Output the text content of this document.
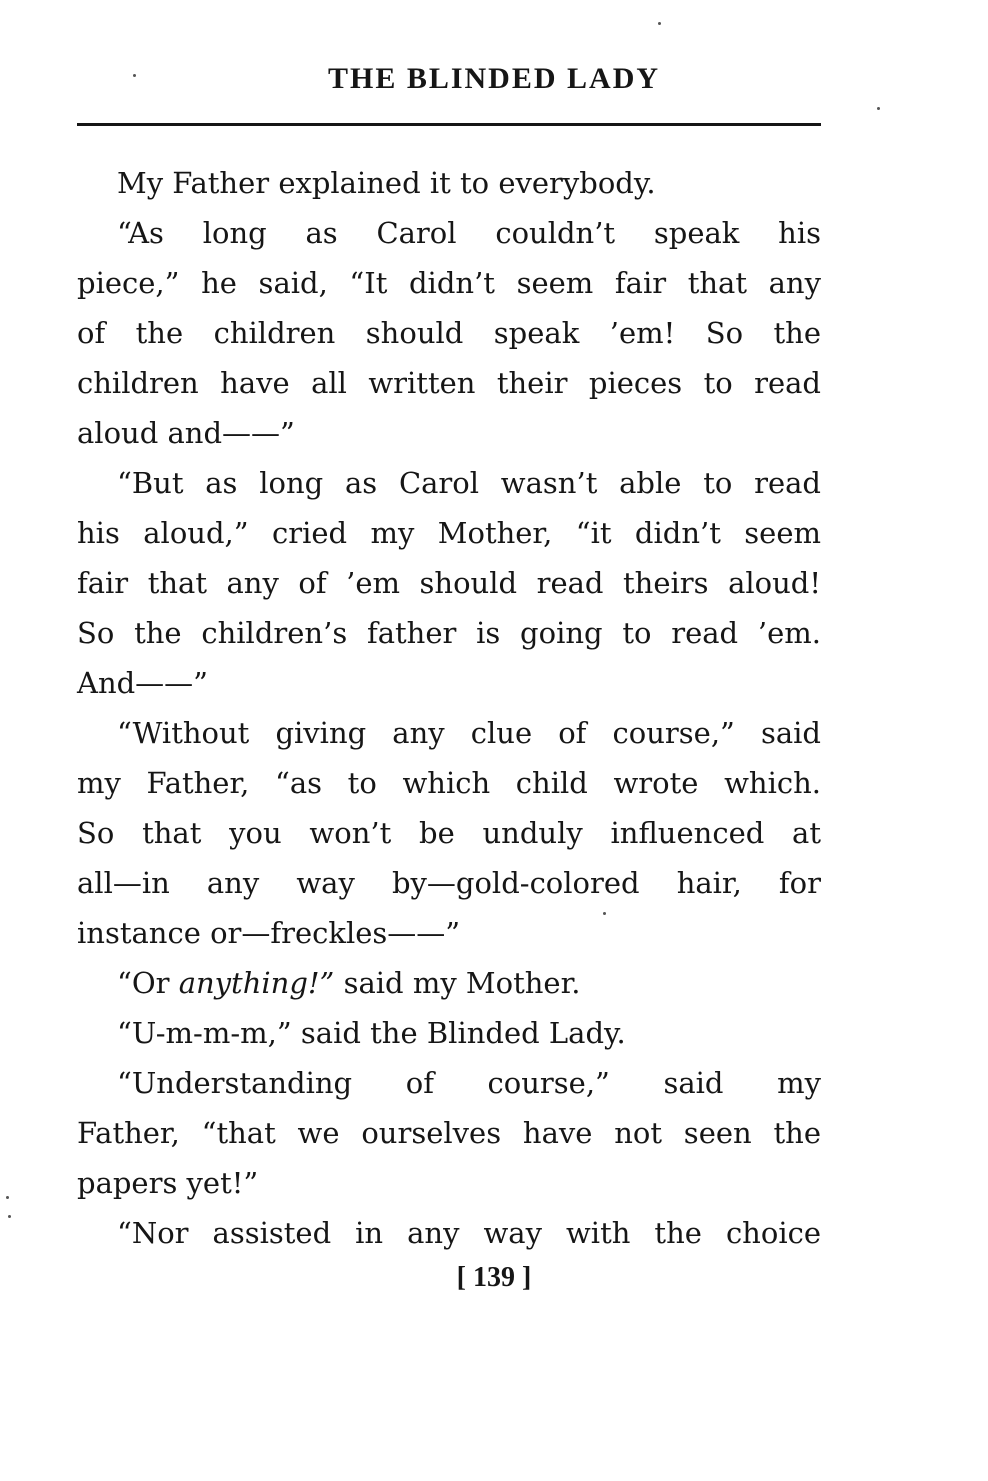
THE BLINDED LADY
My Father explained it to everybody.
“As long as Carol couldn’t speak his
piece,” he said, “It didn’t seem fair that any
of the children should speak ’em! So the
children have all written their pieces to read
aloud and——”
“But as long as Carol wasn’t able to read
his aloud,” cried my Mother, “it didn’t seem
fair that any of ’em should read theirs aloud!
So the children’s father is going to read ’em.
And——”
“Without giving any clue of course,” said
my Father, “as to which child wrote which.
So that you won’t be unduly influenced at
all—in any way by—gold-colored hair, for
instance or—freckles——”
“Or anything!” said my Mother.
“U-m-m-m,” said the Blinded Lady.
“Understanding of course,” said my
Father, “that we ourselves have not seen the
papers yet!”
“Nor assisted in any way with the choice
[ 139 ]
